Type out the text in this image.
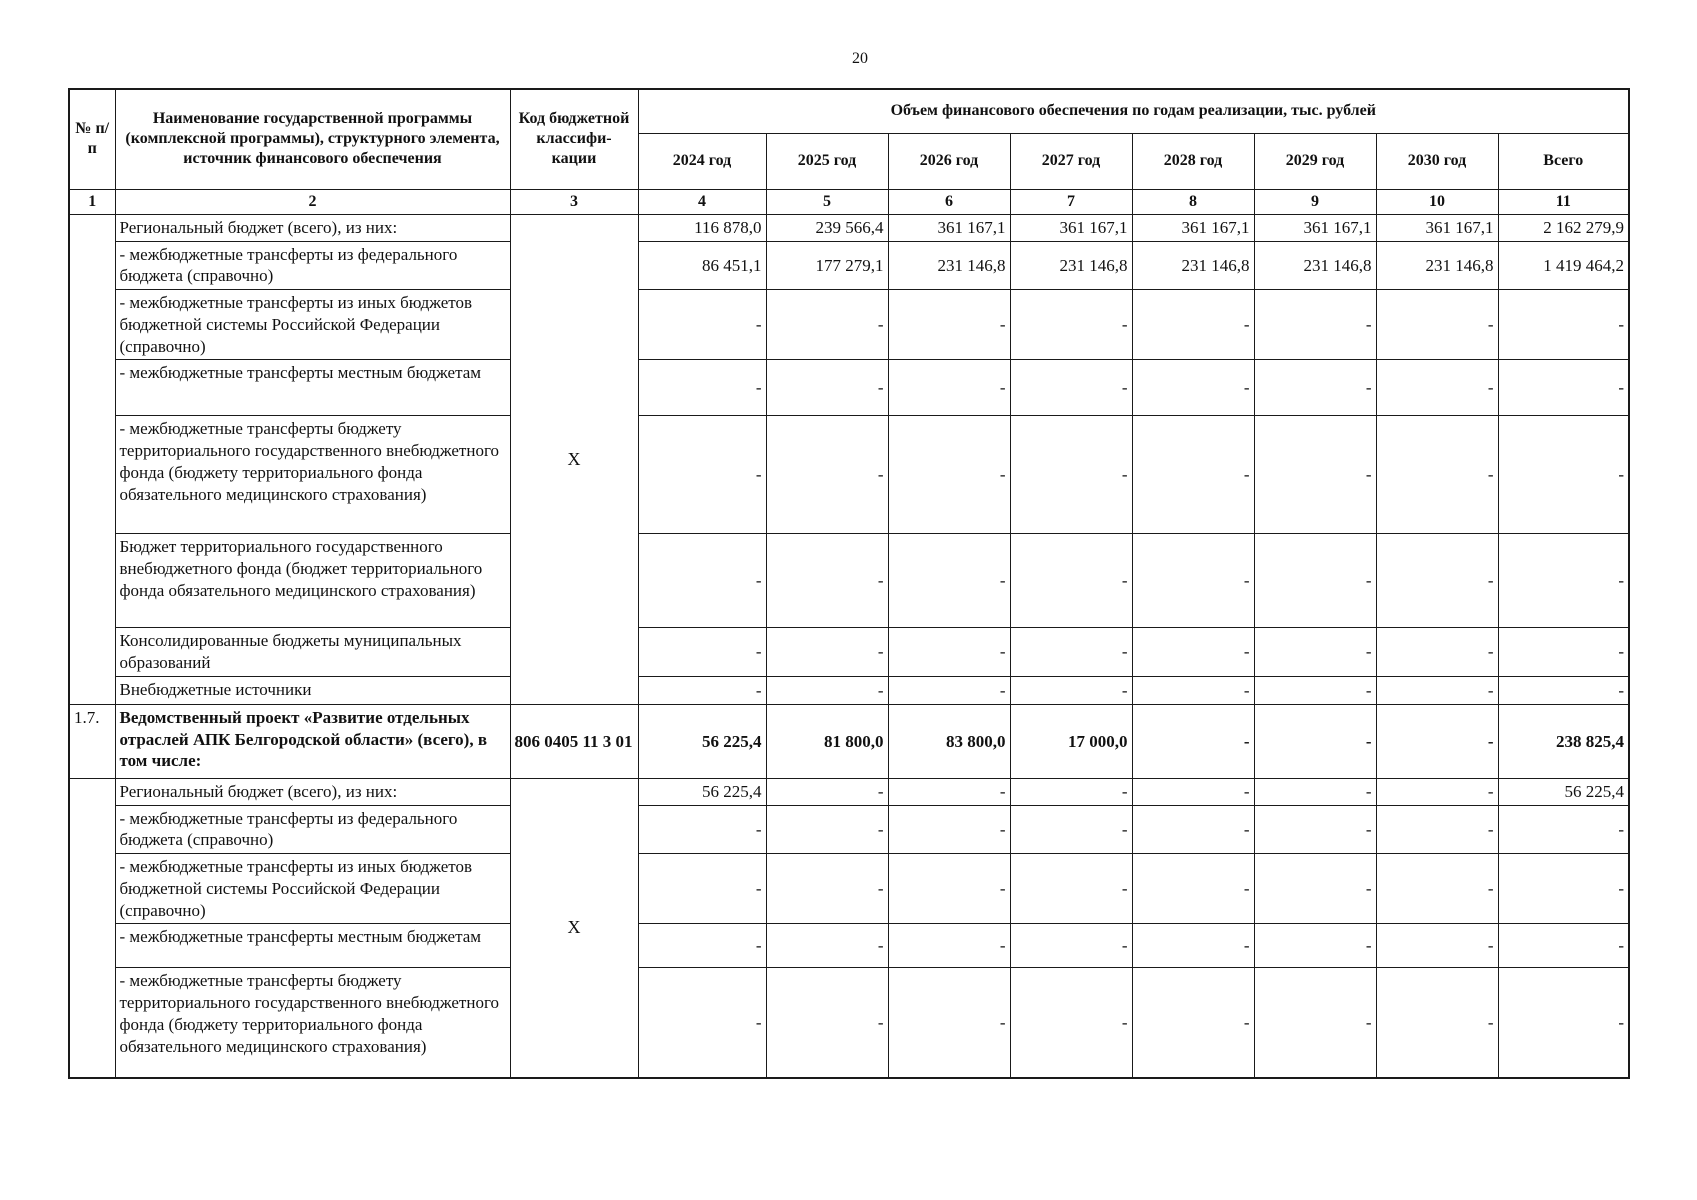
20
№ п/п	Наименование государственной программы (комплексной программы), структурного элемента, источник финансового обеспечения	Код бюджетной классифи-кации	Объем финансового обеспечения по годам реализации, тыс. рублей							
			2024 год	2025 год	2026 год	2027 год	2028 год	2029 год	2030 год	Всего
1	2	3	4	5	6	7	8	9	10	11
	Региональный бюджет (всего), из них:	X	116 878,0	239 566,4	361 167,1	361 167,1	361 167,1	361 167,1	361 167,1	2 162 279,9
	- межбюджетные трансферты из федерального бюджета (справочно)		86 451,1	177 279,1	231 146,8	231 146,8	231 146,8	231 146,8	231 146,8	1 419 464,2
	- межбюджетные трансферты из иных бюджетов бюджетной системы Российской Федерации (справочно)		-	-	-	-	-	-	-	-
	- межбюджетные трансферты местным бюджетам		-	-	-	-	-	-	-	-
	- межбюджетные трансферты бюджету территориального государственного внебюджетного фонда (бюджету территориального фонда обязательного медицинского страхования)		-	-	-	-	-	-	-	-
	Бюджет территориального государственного внебюджетного фонда (бюджет территориального фонда обязательного медицинского страхования)		-	-	-	-	-	-	-	-
	Консолидированные бюджеты муниципальных образований		-	-	-	-	-	-	-	-
	Внебюджетные источники		-	-	-	-	-	-	-	-
1.7.	Ведомственный проект «Развитие отдельных отраслей АПК Белгородской области» (всего), в том числе:	806 0405 11 3 01	56 225,4	81 800,0	83 800,0	17 000,0	-	-	-	238 825,4
	Региональный бюджет (всего), из них:	X	56 225,4	-	-	-	-	-	-	56 225,4
	- межбюджетные трансферты из федерального бюджета (справочно)		-	-	-	-	-	-	-	-
	- межбюджетные трансферты из иных бюджетов бюджетной системы Российской Федерации (справочно)		-	-	-	-	-	-	-	-
	- межбюджетные трансферты местным бюджетам		-	-	-	-	-	-	-	-
	- межбюджетные трансферты бюджету территориального государственного внебюджетного фонда (бюджету территориального фонда обязательного медицинского страхования)		-	-	-	-	-	-	-	-
